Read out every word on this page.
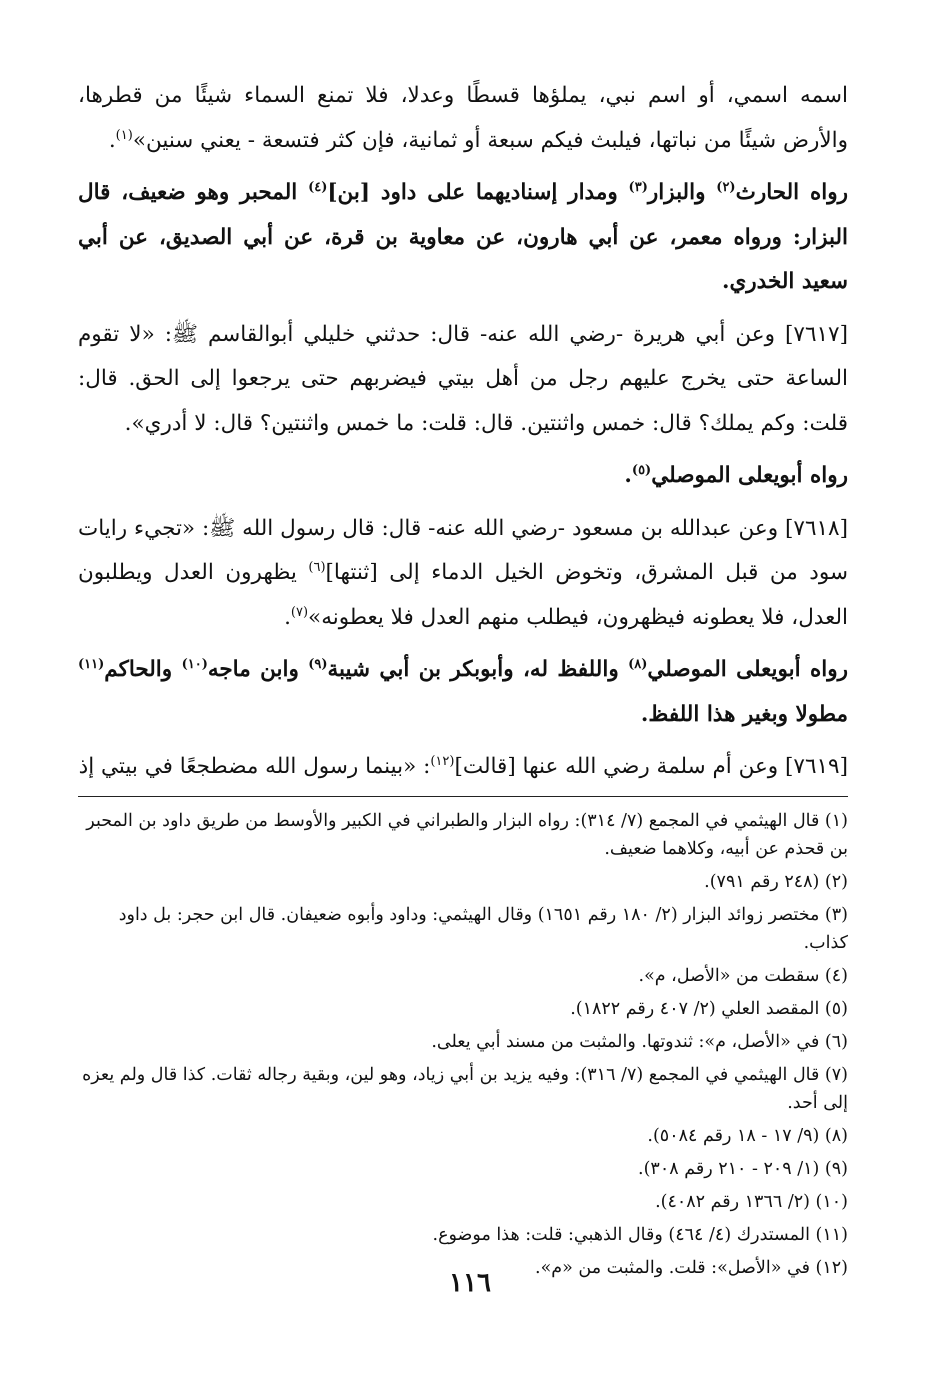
اسمه اسمي، أو اسم نبي، يملؤها قسطًا وعدلا، فلا تمنع السماء شيئًا من قطرها، والأرض شيئًا من نباتها، فيلبث فيكم سبعة أو ثمانية، فإن كثر فتسعة - يعني سنين»$^{(١)}$.

رواه الحارث$^{(٢)}$ والبزار$^{(٣)}$ ومدار إسناديهما على داود [بن]$^{(٤)}$ المحبر وهو ضعيف، قال البزار: ورواه معمر، عن أبي هارون، عن معاوية بن قرة، عن أبي الصديق، عن أبي سعيد الخدري.

[٧٦١٧] وعن أبي هريرة -رضي الله عنه- قال: حدثني خليلي أبوالقاسم ﷺ: «لا تقوم الساعة حتى يخرج عليهم رجل من أهل بيتي فيضربهم حتى يرجعوا إلى الحق. قال: قلت: وكم يملك؟ قال: خمس واثنتين. قال: قلت: ما خمس واثنتين؟ قال: لا أدري».

رواه أبويعلى الموصلي$^{(٥)}$.

[٧٦١٨] وعن عبدالله بن مسعود -رضي الله عنه- قال: قال رسول الله ﷺ: «تجيء رايات سود من قبل المشرق، وتخوض الخيل الدماء إلى [ثنتها]$^{(٦)}$ يظهرون العدل ويطلبون العدل، فلا يعطونه فيظهرون، فيطلب منهم العدل فلا يعطونه»$^{(٧)}$.

رواه أبويعلى الموصلي$^{(٨)}$ واللفظ له، وأبوبكر بن أبي شيبة$^{(٩)}$ وابن ماجه$^{(١٠)}$ والحاكم$^{(١١)}$ مطولا وبغير هذا اللفظ.

[٧٦١٩] وعن أم سلمة رضي الله عنها [قالت]$^{(١٢)}$: «بينما رسول الله مضطجعًا في بيتي إذ

(١) قال الهيثمي في المجمع (٧/ ٣١٤): رواه البزار والطبراني في الكبير والأوسط من طريق داود بن المحبر بن قحذم عن أبيه، وكلاهما ضعيف.

(٢) (٢٤٨ رقم ٧٩١).

(٣) مختصر زوائد البزار (٢/ ١٨٠ رقم ١٦٥١) وقال الهيثمي: وداود وأبوه ضعيفان. قال ابن حجر: بل داود كذاب.

(٤) سقطت من «الأصل، م».

(٥) المقصد العلي (٢/ ٤٠٧ رقم ١٨٢٢).

(٦) في «الأصل، م»: ثندوتها. والمثبت من مسند أبي يعلى.

(٧) قال الهيثمي في المجمع (٧/ ٣١٦): وفيه يزيد بن أبي زياد، وهو لين، وبقية رجاله ثقات. كذا قال ولم يعزه إلى أحد.

(٨) (٩/ ١٧ - ١٨ رقم ٥٠٨٤).

(٩) (١/ ٢٠٩ - ٢١٠ رقم ٣٠٨).

(١٠) (٢/ ١٣٦٦ رقم ٤٠٨٢).

(١١) المستدرك (٤/ ٤٦٤) وقال الذهبي: قلت: هذا موضوع.

(١٢) في «الأصل»: قلت. والمثبت من «م».

١١٦
